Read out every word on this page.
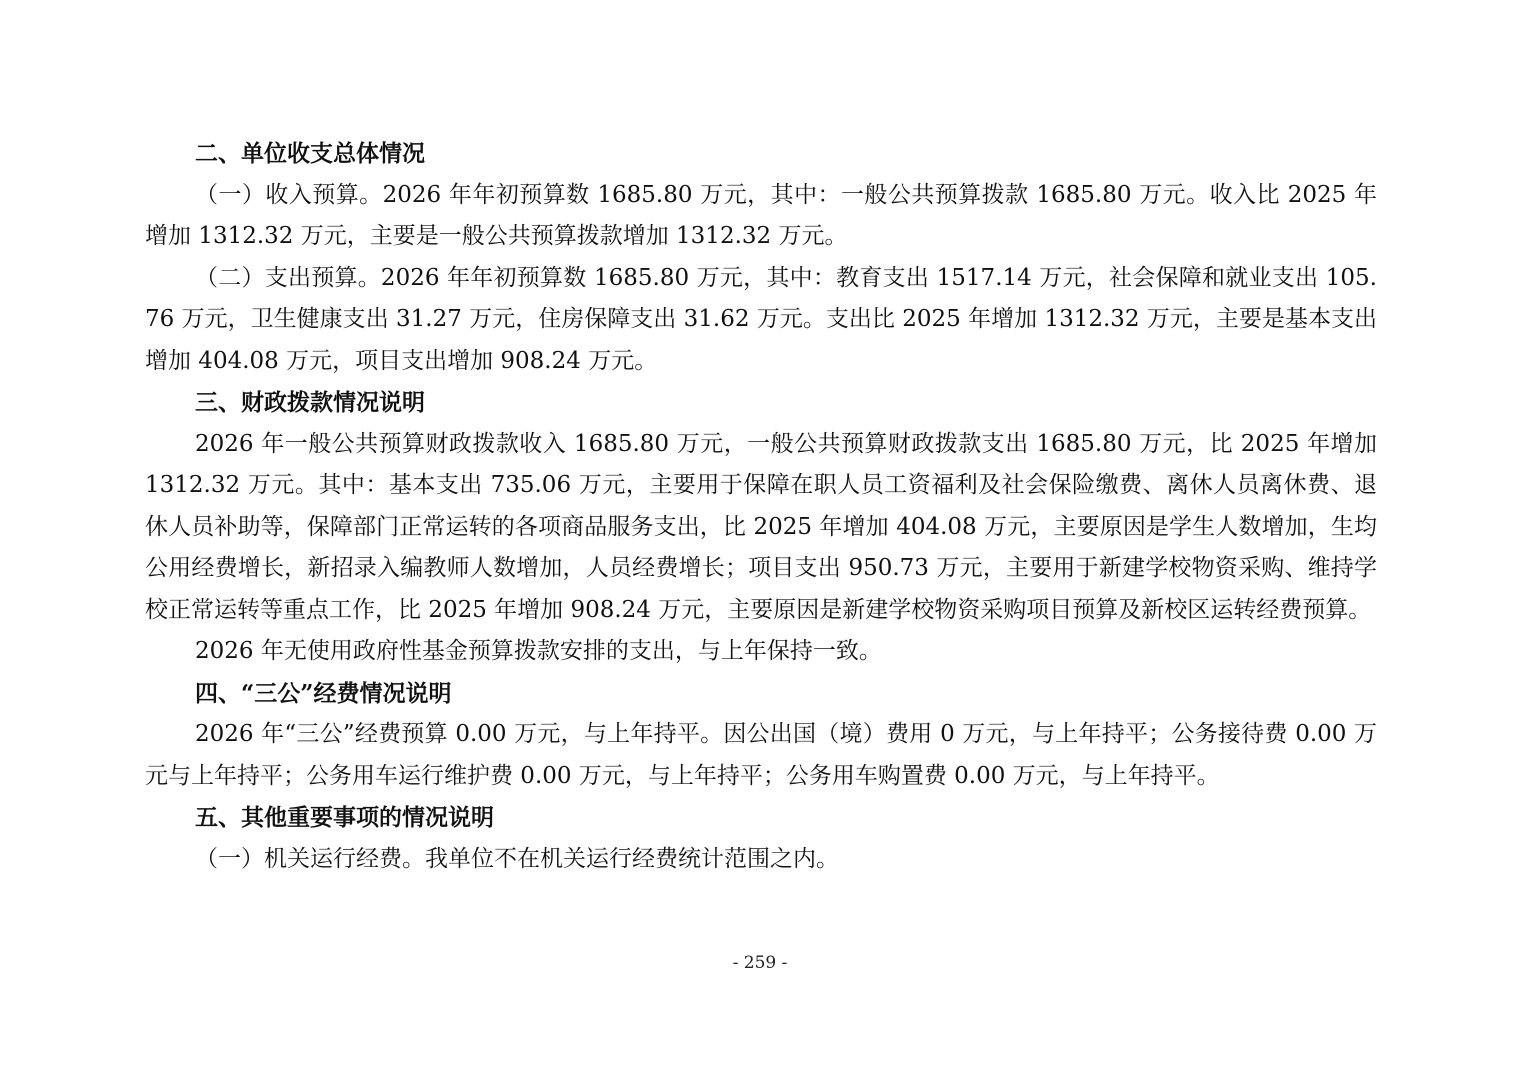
二、单位收支总体情况

（一）收入预算。2026 年年初预算数 1685.80 万元，其中：一般公共预算拨款 1685.80 万元。收入比 2025 年增加 1312.32 万元，主要是一般公共预算拨款增加 1312.32 万元。

（二）支出预算。2026 年年初预算数 1685.80 万元，其中：教育支出 1517.14 万元，社会保障和就业支出 105.76 万元，卫生健康支出 31.27 万元，住房保障支出 31.62 万元。支出比 2025 年增加 1312.32 万元，主要是基本支出增加 404.08 万元，项目支出增加 908.24 万元。

三、财政拨款情况说明

2026 年一般公共预算财政拨款收入 1685.80 万元，一般公共预算财政拨款支出 1685.80 万元，比 2025 年增加 1312.32 万元。其中：基本支出 735.06 万元，主要用于保障在职人员工资福利及社会保险缴费、离休人员离休费、退休人员补助等，保障部门正常运转的各项商品服务支出，比 2025 年增加 404.08 万元，主要原因是学生人数增加，生均公用经费增长，新招录入编教师人数增加，人员经费增长；项目支出 950.73 万元，主要用于新建学校物资采购、维持学校正常运转等重点工作，比 2025 年增加 908.24 万元，主要原因是新建学校物资采购项目预算及新校区运转经费预算。

2026 年无使用政府性基金预算拨款安排的支出，与上年保持一致。

四、“三公”经费情况说明

2026 年“三公”经费预算 0.00 万元，与上年持平。因公出国（境）费用 0 万元，与上年持平；公务接待费 0.00 万元与上年持平；公务用车运行维护费 0.00 万元，与上年持平；公务用车购置费 0.00 万元，与上年持平。

五、其他重要事项的情况说明

（一）机关运行经费。我单位不在机关运行经费统计范围之内。

- 259 -
